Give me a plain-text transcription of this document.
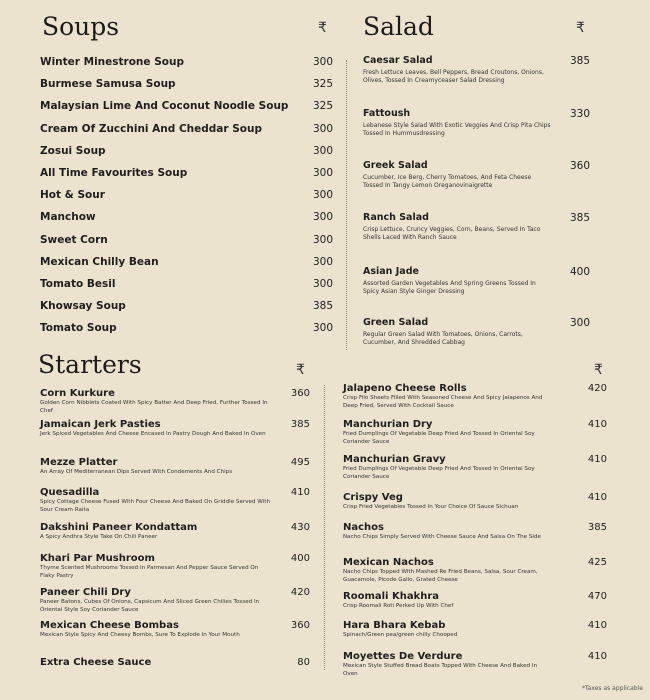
Soups	₹
Winter Minestrone Soup	300
Burmese Samusa Soup	325
Malaysian Lime And Coconut Noodle Soup	325
Cream Of Zucchini And Cheddar Soup	300
Zosui Soup	300
All Time Favourites Soup	300
Hot & Sour	300
Manchow	300
Sweet Corn	300
Mexican Chilly Bean	300
Tomato Besil	300
Khowsay Soup	385
Tomato Soup	300
Salad	₹
Caesar Salad	385
Fresh Lettuce Leaves, Bell Peppers, Bread Croutons, Onions, Olives, Tossed In Creamyceaser Salad Dressing
Fattoush	330
Lebanese Style Salad With Exotic Veggies And Crisp Pita Chips Tossed In Hummusdressing
Greek Salad	360
Cucumber, Ice Berg, Cherry Tomatoes, And Feta Cheese Tossed In Tangy Lemon Oreganovinaigrette
Ranch Salad	385
Crisp Lettuce, Cruncy Veggies, Corn, Beans, Served In Taco Shells Laced With Ranch Sauce
Asian Jade	400
Assorted Garden Vegetables And Spring Greens Tossed In Spicy Asian Style Ginger Dressing
Green Salad	300
Regular Green Salad With Tomatoes, Onions, Carrots, Cucumber, And Shredded Cabbag
Starters	₹	₹
Corn Kurkure	360
Golden Corn Nibblets Coated With Spicy Batter And Deep Fried, Further Tossed In Chef
Jamaican Jerk Pasties	385
Jerk Spiced Vegetables And Cheese Encased In Pastry Dough And Baked In Oven
Mezze Platter	495
An Array Of Mediterranean Dips Served With Condements And Chips
Quesadilla	410
Spicy Cottage Cheese Fused With Four Cheese And Baked On Griddle Served With Sour Cream Raita
Dakshini Paneer Kondattam	430
A Spicy Andhra Style Take On Chili Paneer
Khari Par Mushroom	400
Thyme Scented Mushrooms Tossed In Parmesan And Pepper Sauce Served On Flaky Pastry
Paneer Chili Dry	420
Paneer Batons, Cubes Of Onions, Capsicum And Sliced Green Chilies Tossed In Oriental Style Soy Coriander Sauce
Mexican Cheese Bombas	360
Mexican Style Spicy And Cheesy Bombs, Sure To Explode In Your Mouth
Extra Cheese Sauce	80
Jalapeno Cheese Rolls	420
Crisp Filo Sheets Filled With Seasoned Cheese And Spicy Jalapenos And Deep Fried, Served With Cocktail Sauce
Manchurian Dry	410
Fried Dumplings Of Vegetable Deep Fried And Tossed In Oriental Soy Coriander Sauce
Manchurian Gravy	410
Fried Dumplings Of Vegetable Deep Fried And Tossed In Oriental Soy Coriander Sauce
Crispy Veg	410
Crisp Fried Vegetables Tossed In Your Choice Of Sauce Sichuan
Nachos	385
Nacho Chips Simply Served With Cheese Sauce And Salsa On The Side
Mexican Nachos	425
Nacho Chips Topped With Mashed Re Fried Beans, Salsa, Sour Cream, Guacamole, Picode Gallo, Grated Cheese
Roomali Khakhra	470
Crisp Roomali Roti Perked Up With Chef
Hara Bhara Kebab	410
Spinach/Green pea/green chilly Chooped
Moyettes De Verdure	410
Mexican Style Stuffed Bread Boats Topped With Cheese And Baked In Oven
*Taxes as applicable
